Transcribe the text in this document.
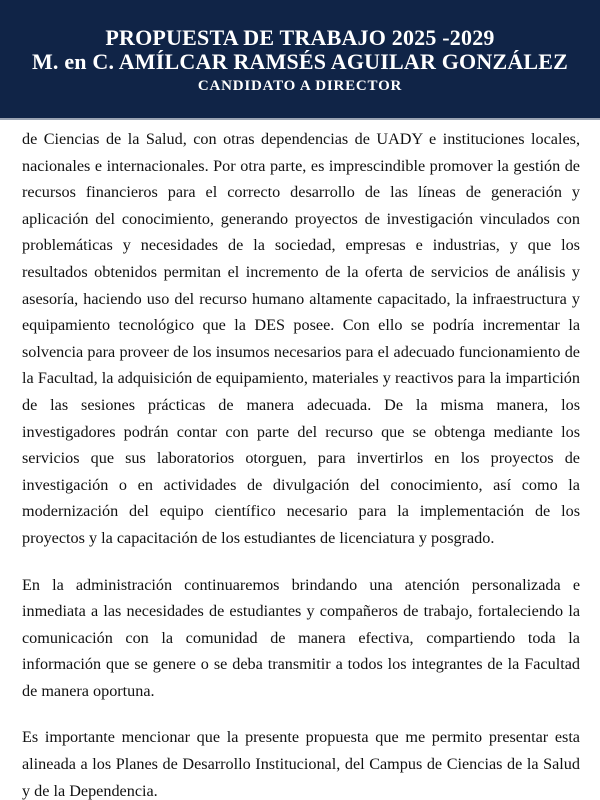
PROPUESTA DE TRABAJO 2025 -2029
M. en C. AMÍLCAR RAMSÉS AGUILAR GONZÁLEZ
CANDIDATO A DIRECTOR

de Ciencias de la Salud, con otras dependencias de UADY e instituciones locales, nacionales e internacionales. Por otra parte, es imprescindible promover la gestión de recursos financieros para el correcto desarrollo de las líneas de generación y aplicación del conocimiento, generando proyectos de investigación vinculados con problemáticas y necesidades de la sociedad, empresas e industrias, y que los resultados obtenidos permitan el incremento de la oferta de servicios de análisis y asesoría, haciendo uso del recurso humano altamente capacitado, la infraestructura y equipamiento tecnológico que la DES posee. Con ello se podría incrementar la solvencia para proveer de los insumos necesarios para el adecuado funcionamiento de la Facultad, la adquisición de equipamiento, materiales y reactivos para la impartición de las sesiones prácticas de manera adecuada. De la misma manera, los investigadores podrán contar con parte del recurso que se obtenga mediante los servicios que sus laboratorios otorguen, para invertirlos en los proyectos de investigación o en actividades de divulgación del conocimiento, así como la modernización del equipo científico necesario para la implementación de los proyectos y la capacitación de los estudiantes de licenciatura y posgrado.

En la administración continuaremos brindando una atención personalizada e inmediata a las necesidades de estudiantes y compañeros de trabajo, fortaleciendo la comunicación con la comunidad de manera efectiva, compartiendo toda la información que se genere o se deba transmitir a todos los integrantes de la Facultad de manera oportuna.

Es importante mencionar que la presente propuesta que me permito presentar esta alineada a los Planes de Desarrollo Institucional, del Campus de Ciencias de la Salud y de la Dependencia.
